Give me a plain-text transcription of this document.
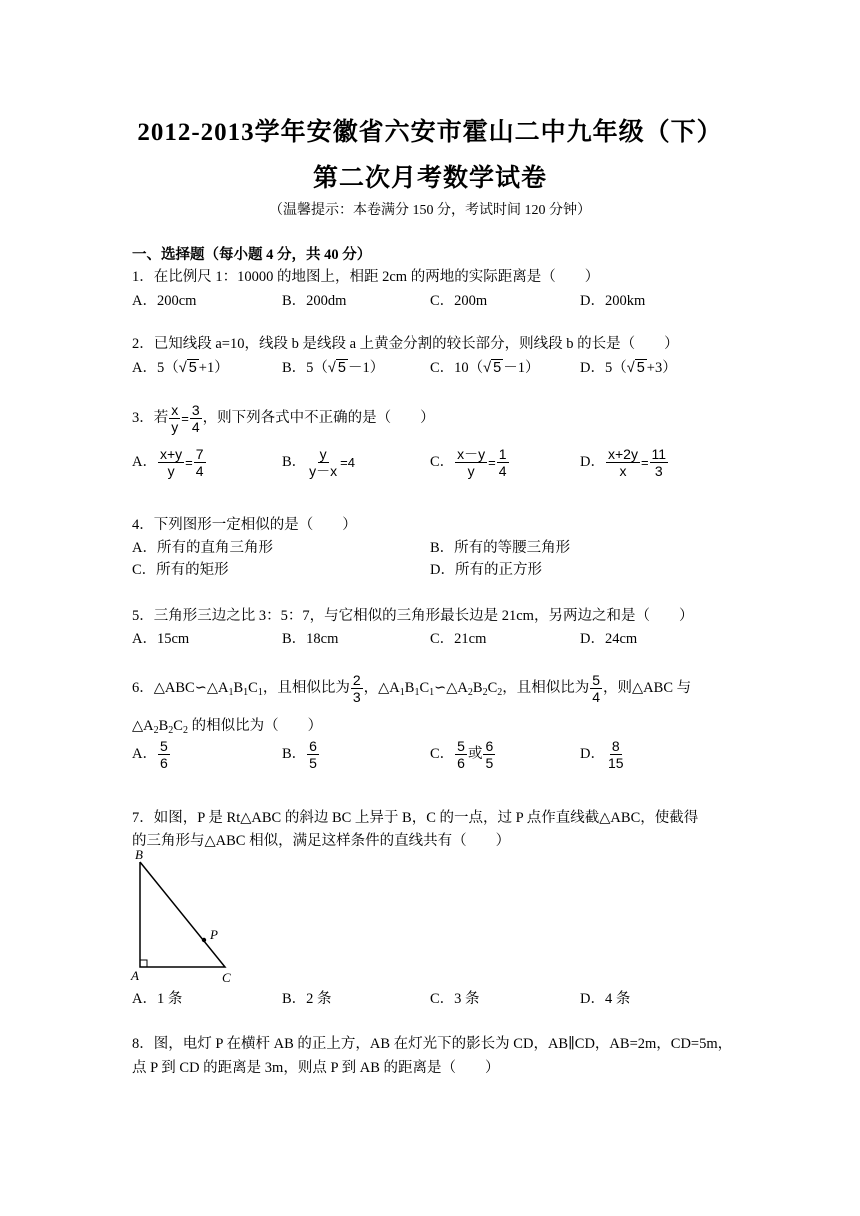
2012-2013学年安徽省六安市霍山二中九年级（下）
第二次月考数学试卷
（温馨提示：本卷满分 150 分，考试时间 120 分钟）
一、选择题（每小题 4 分，共 40 分）
1．在比例尺 1：10000 的地图上，相距 2cm 的两地的实际距离是（　　）
A．200cm	B．200dm	C．200m	D．200km
2．已知线段 a=10，线段 b 是线段 a 上黄金分割的较长部分，则线段 b 的长是（　　）
A．5（√ 5 +1）	B．5（√ 5 －1）	C．10（√ 5 －1）	D．5（√ 5 +3）
3．若 $\frac{x}{y} = \frac{3}{4}$ ，则下列各式中不正确的是（　　）
A． $\frac{x+y}{y} = \frac{7}{4}$	B． $\frac{y}{y-x} =4$	C． $\frac{x-y}{y} = \frac{1}{4}$	D． $\frac{x+2y}{x} = \frac{11}{3}$
4．下列图形一定相似的是（　　）
A．所有的直角三角形	B．所有的等腰三角形
C．所有的矩形	D．所有的正方形
5．三角形三边之比 3：5：7，与它相似的三角形最长边是 21cm，另两边之和是（　　）
A．15cm	B．18cm	C．21cm	D．24cm
6．$\triangle ABC∽\triangle A_1B_1C_1$，且相似比为 $\frac{2}{3}$ ，$\triangle A_1B_1C_1∽\triangle A_2B_2C_2$，且相似比为 $\frac{5}{4}$ ，则△ABC 与
$\triangle A_2B_2C_2$ 的相似比为（　　）
A． $\frac{5}{6}$	B． $\frac{6}{5}$	C． $\frac{5}{6}$ 或 $\frac{6}{5}$	D． $\frac{8}{15}$
7．如图，P 是 Rt△ABC 的斜边 BC 上异于 B，C 的一点，过 P 点作直线截△ABC，使截得
的三角形与△ABC 相似，满足这样条件的直线共有（　　）
B
A	C
P
A．1 条	B．2 条	C．3 条	D．4 条
8．图，电灯 P 在横杆 AB 的正上方，AB 在灯光下的影长为 CD，AB∥CD，AB=2m，CD=5m，
点 P 到 CD 的距离是 3m，则点 P 到 AB 的距离是（　　）
